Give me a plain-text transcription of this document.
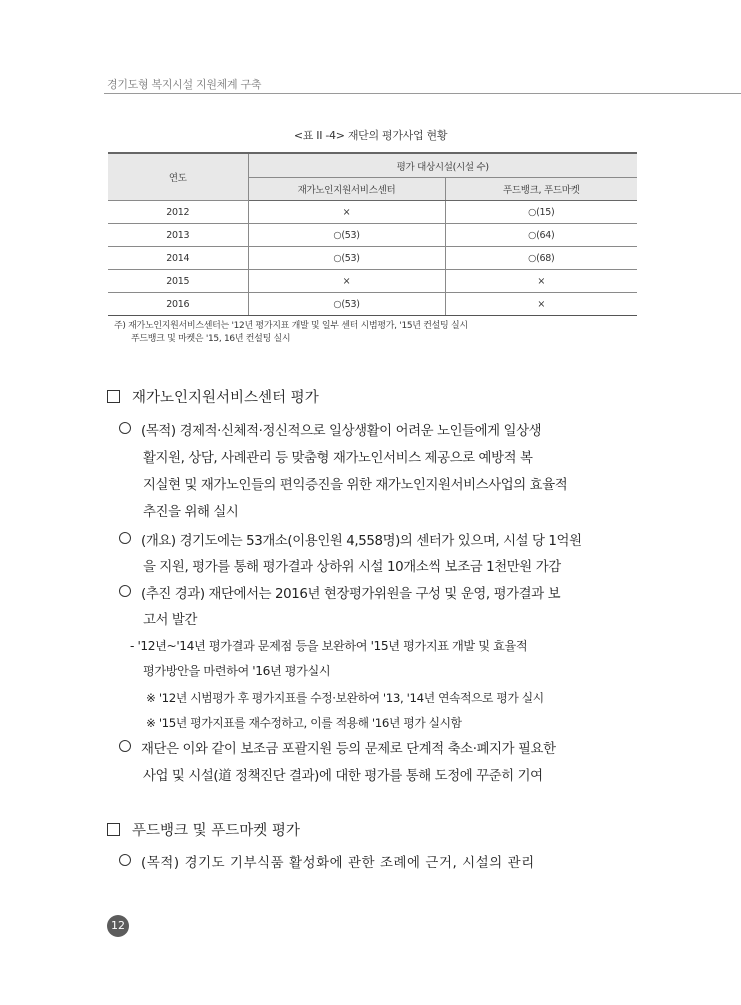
경기도형 복지시설 지원체계 구축
<표 II -4> 재단의 평가사업 현황
연도	평가 대상시설(시설 수)	
	재가노인지원서비스센터	푸드뱅크, 푸드마켓
2012	×	○(15)
2013	○(53)	○(64)
2014	○(53)	○(68)
2015	×	×
2016	○(53)	×
주) 재가노인지원서비스센터는 '12년 평가지표 개발 및 일부 센터 시범평가, '15년 컨설팅 실시
푸드뱅크 및 마켓은 '15, 16년 컨설팅 실시
재가노인지원서비스센터 평가
(목적) 경제적·신체적·정신적으로 일상생활이 어려운 노인들에게 일상생
활지원, 상담, 사례관리 등 맞춤형 재가노인서비스 제공으로 예방적 복
지실현 및 재가노인들의 편익증진을 위한 재가노인지원서비스사업의 효율적
추진을 위해 실시
(개요) 경기도에는 53개소(이용인원 4,558명)의 센터가 있으며, 시설 당 1억원
을 지원, 평가를 통해 평가결과 상하위 시설 10개소씩 보조금 1천만원 가감
(추진 경과) 재단에서는 2016년 현장평가위원을 구성 및 운영, 평가결과 보
고서 발간
- '12년~'14년 평가결과 문제점 등을 보완하여 '15년 평가지표 개발 및 효율적
평가방안을 마련하여 '16년 평가실시
※ '12년 시범평가 후 평가지표를 수정·보완하여 '13, '14년 연속적으로 평가 실시
※ '15년 평가지표를 재수정하고, 이를 적용해 '16년 평가 실시함
재단은 이와 같이 보조금 포괄지원 등의 문제로 단계적 축소·폐지가 필요한
사업 및 시설(道 정책진단 결과)에 대한 평가를 통해 도정에 꾸준히 기여
푸드뱅크 및 푸드마켓 평가
(목적) 경기도 기부식품 활성화에 관한 조례에 근거, 시설의 관리
12
